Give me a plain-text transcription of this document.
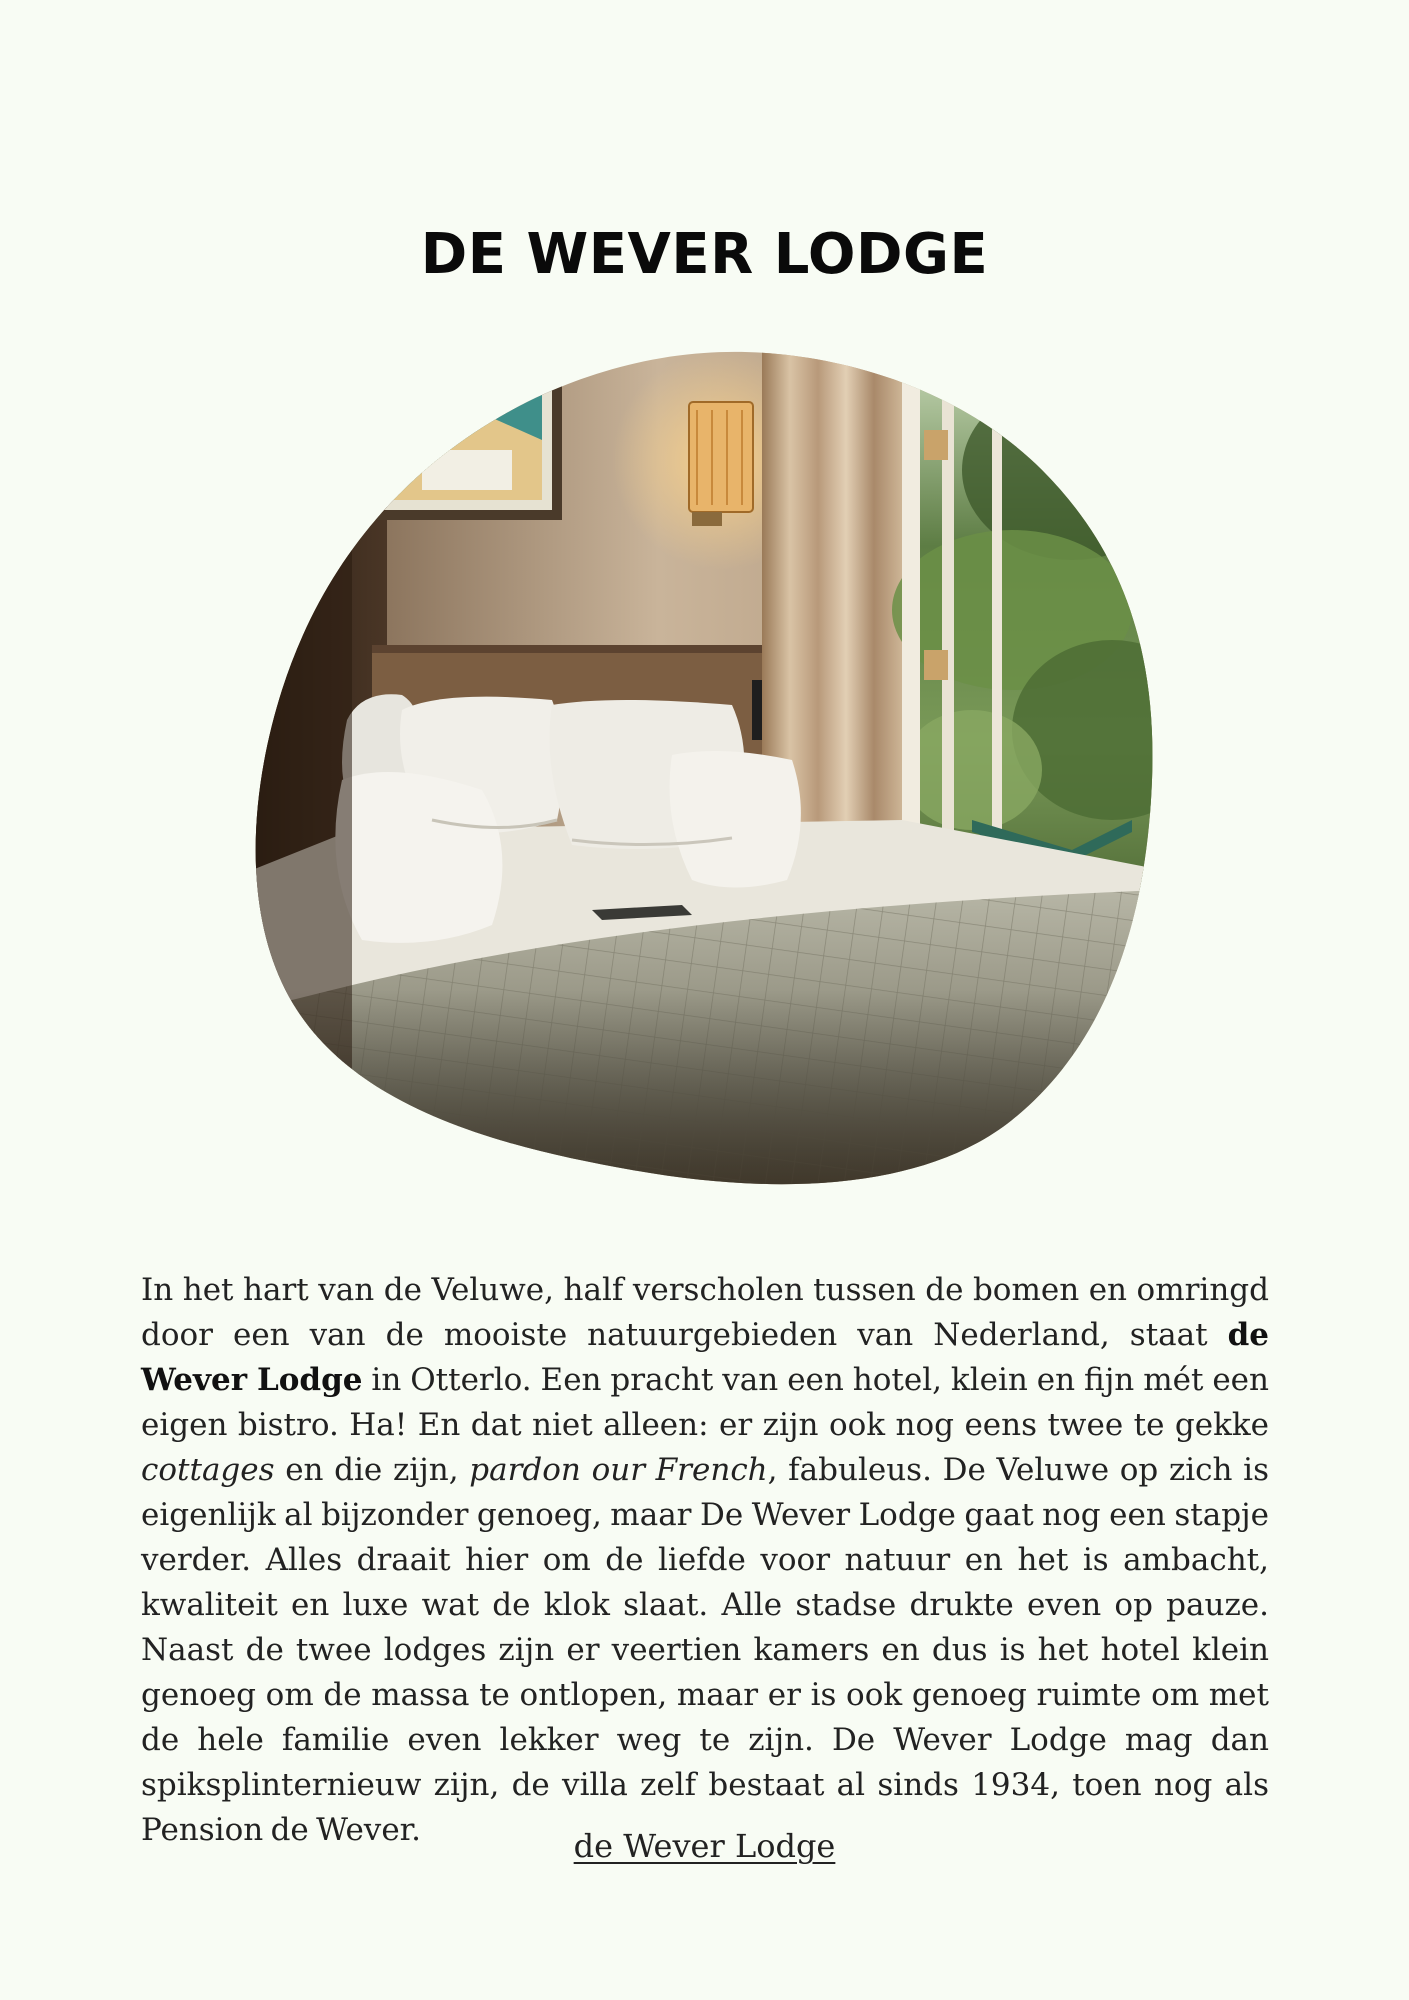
DE WEVER LODGE

In het hart van de Veluwe, half verscholen tussen de bomen en omringd door een van de mooiste natuurgebieden van Nederland, staat de Wever Lodge in Otterlo. Een pracht van een hotel, klein en fijn mét een eigen bistro. Ha! En dat niet alleen: er zijn ook nog eens twee te gekke cottages en die zijn, pardon our French, fabuleus. De Veluwe op zich is eigenlijk al bijzonder genoeg, maar De Wever Lodge gaat nog een stapje verder. Alles draait hier om de liefde voor natuur en het is ambacht, kwaliteit en luxe wat de klok slaat. Alle stadse drukte even op pauze. Naast de twee lodges zijn er veertien kamers en dus is het hotel klein genoeg om de massa te ontlopen, maar er is ook genoeg ruimte om met de hele familie even lekker weg te zijn. De Wever Lodge mag dan spiksplinternieuw zijn, de villa zelf bestaat al sinds 1934, toen nog als Pension de Wever.	de Wever Lodge
